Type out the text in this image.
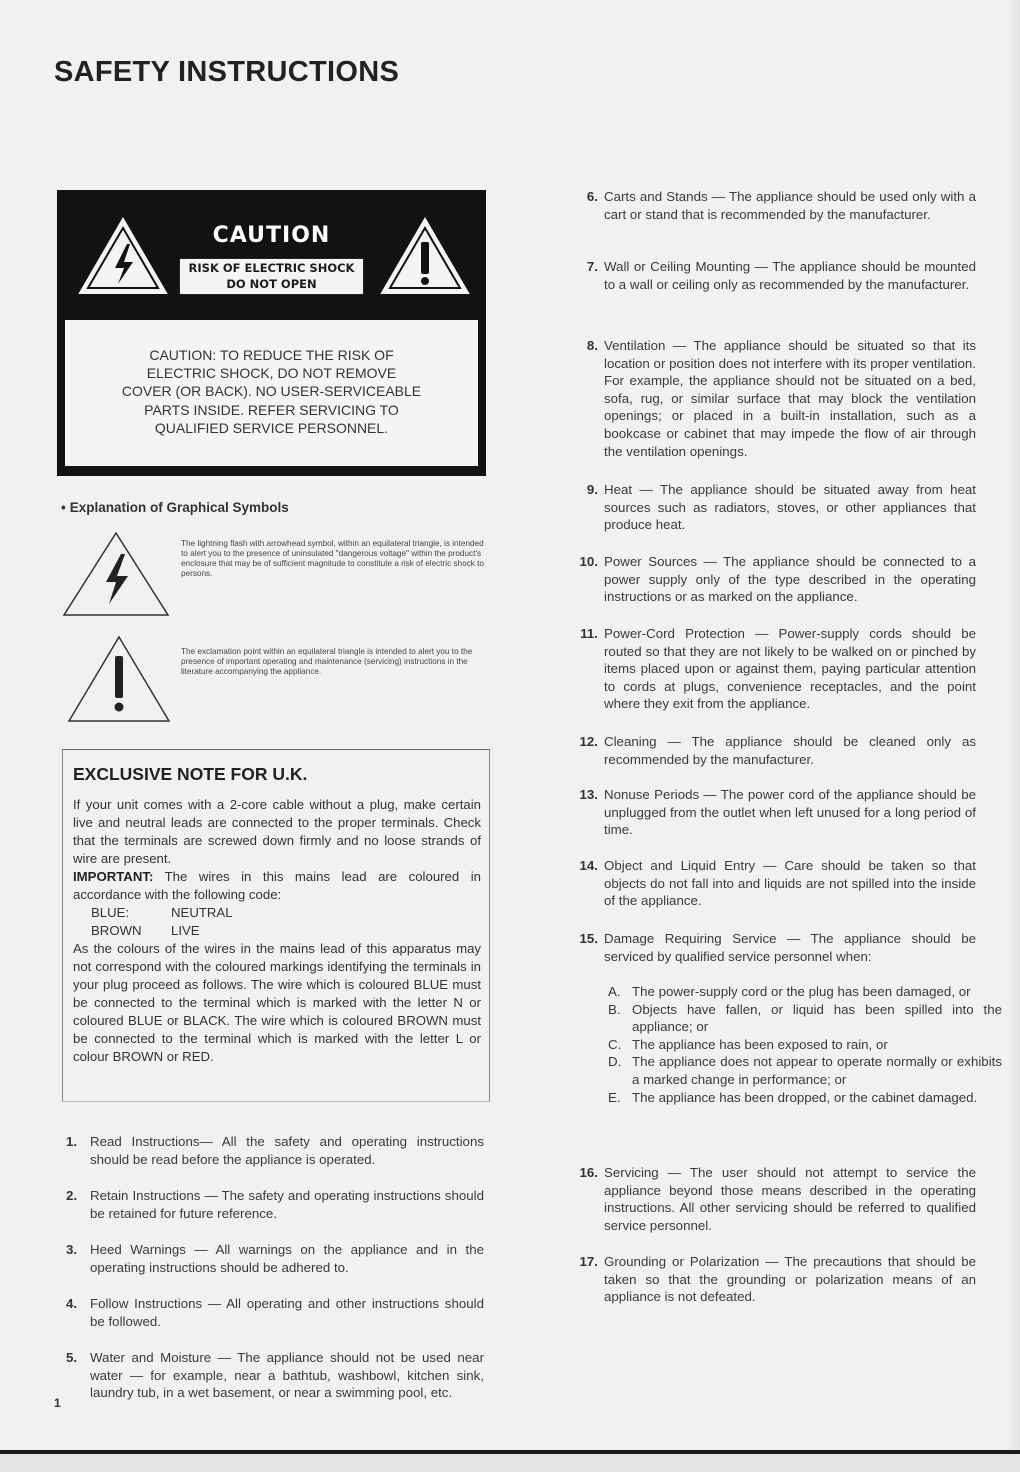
SAFETY INSTRUCTIONS
CAUTION
RISK OF ELECTRIC SHOCK
DO NOT OPEN
CAUTION: TO REDUCE THE RISK OF
ELECTRIC SHOCK, DO NOT REMOVE
COVER (OR BACK). NO USER-SERVICEABLE
PARTS INSIDE. REFER SERVICING TO
QUALIFIED SERVICE PERSONNEL.
• Explanation of Graphical Symbols
The lightning flash with arrowhead symbol, within an equilateral triangle, is intended to alert you to the presence of uninsulated "dangerous voltage" within the product's enclosure that may be of sufficient magnitude to constitute a risk of electric shock to persons.
The exclamation point within an equilateral triangle is intended to alert you to the presence of important operating and maintenance (servicing) instructions in the literature accompanying the appliance.
EXCLUSIVE NOTE FOR U.K.

If your unit comes with a 2-core cable without a plug, make certain live and neutral leads are connected to the proper terminals. Check that the terminals are screwed down firmly and no loose strands of wire are present.

IMPORTANT: The wires in this mains lead are coloured in accordance with the following code:

BLUE:	NEUTRAL
BROWN	LIVE

As the colours of the wires in the mains lead of this apparatus may not correspond with the coloured markings identifying the terminals in your plug proceed as follows. The wire which is coloured BLUE must be connected to the terminal which is marked with the letter N or coloured BLUE or BLACK. The wire which is coloured BROWN must be connected to the terminal which is marked with the letter L or colour BROWN or RED.

1. Read Instructions— All the safety and operating instructions should be read before the appliance is operated.
2. Retain Instructions — The safety and operating instructions should be retained for future reference.
3. Heed Warnings — All warnings on the appliance and in the operating instructions should be adhered to.
4. Follow Instructions — All operating and other instructions should be followed.
5. Water and Moisture — The appliance should not be used near water — for example, near a bathtub, washbowl, kitchen sink, laundry tub, in a wet basement, or near a swimming pool, etc.
6. Carts and Stands — The appliance should be used only with a cart or stand that is recommended by the manufacturer.
7. Wall or Ceiling Mounting — The appliance should be mounted to a wall or ceiling only as recommended by the manufacturer.
8. Ventilation — The appliance should be situated so that its location or position does not interfere with its proper ventilation. For example, the appliance should not be situated on a bed, sofa, rug, or similar surface that may block the ventilation openings; or placed in a built-in installation, such as a bookcase or cabinet that may impede the flow of air through the ventilation openings.
9. Heat — The appliance should be situated away from heat sources such as radiators, stoves, or other appliances that produce heat.
10. Power Sources — The appliance should be connected to a power supply only of the type described in the operating instructions or as marked on the appliance.
11. Power-Cord Protection — Power-supply cords should be routed so that they are not likely to be walked on or pinched by items placed upon or against them, paying particular attention to cords at plugs, convenience receptacles, and the point where they exit from the appliance.
12. Cleaning — The appliance should be cleaned only as recommended by the manufacturer.
13. Nonuse Periods — The power cord of the appliance should be unplugged from the outlet when left unused for a long period of time.
14. Object and Liquid Entry — Care should be taken so that objects do not fall into and liquids are not spilled into the inside of the appliance.
15. Damage Requiring Service — The appliance should be serviced by qualified service personnel when:
A. The power-supply cord or the plug has been damaged, or
B. Objects have fallen, or liquid has been spilled into the appliance; or
C. The appliance has been exposed to rain, or
D. The appliance does not appear to operate normally or exhibits a marked change in performance; or
E. The appliance has been dropped, or the cabinet damaged.
16. Servicing — The user should not attempt to service the appliance beyond those means described in the operating instructions. All other servicing should be referred to qualified service personnel.
17. Grounding or Polarization — The precautions that should be taken so that the grounding or polarization means of an appliance is not defeated.
1
